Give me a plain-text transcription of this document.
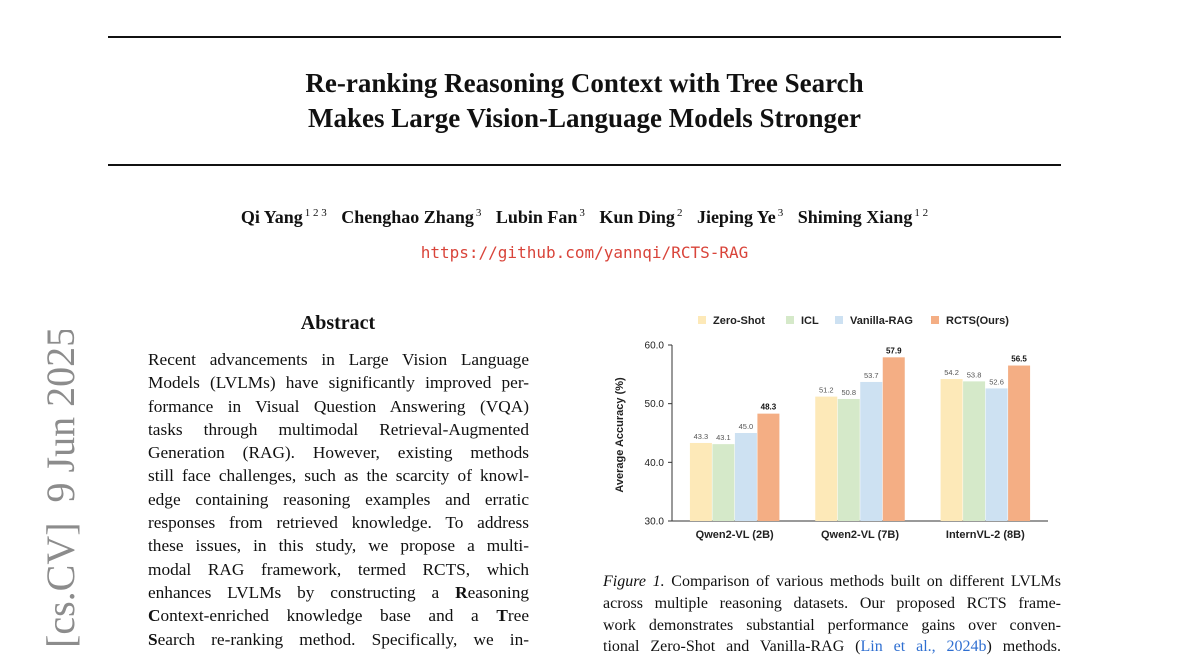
Re-ranking Reasoning Context with Tree Search
Makes Large Vision-Language Models Stronger
Qi Yang $^{1 2 3}$ Chenghao Zhang $^3$ Lubin Fan $^3$ Kun Ding $^2$ Jieping Ye $^3$ Shiming Xiang $^{1 2}$
https://github.com/yannqi/RCTS-RAG
[cs.CV]  9 Jun 2025
Abstract
Recent advancements in Large Vision Language
Models (LVLMs) have significantly improved per-
formance in Visual Question Answering (VQA)
tasks through multimodal Retrieval-Augmented
Generation (RAG). However, existing methods
still face challenges, such as the scarcity of knowl-
edge containing reasoning examples and erratic
responses from retrieved knowledge. To address
these issues, in this study, we propose a multi-
modal RAG framework, termed RCTS, which
enhances LVLMs by constructing a Reasoning
Context-enriched knowledge base and a Tree
Search re-ranking method. Specifically, we in-
Zero-Shot	ICL	Vanilla-RAG	RCTS(Ours)
30.0
40.0
50.0
60.0
Average Accuracy (%)	43.3 43.1
45.0
48.3
Qwen2-VL (2B)
51.2 50.8
53.7
57.9
Qwen2-VL (7B)
54.2 53.8
52.6
56.5
InternVL-2 (8B)
Figure 1. Comparison of various methods built on different LVLMs
across multiple reasoning datasets. Our proposed RCTS frame-
work demonstrates substantial performance gains over conven-
tional Zero-Shot and Vanilla-RAG (Lin et al., 2024b) methods.
